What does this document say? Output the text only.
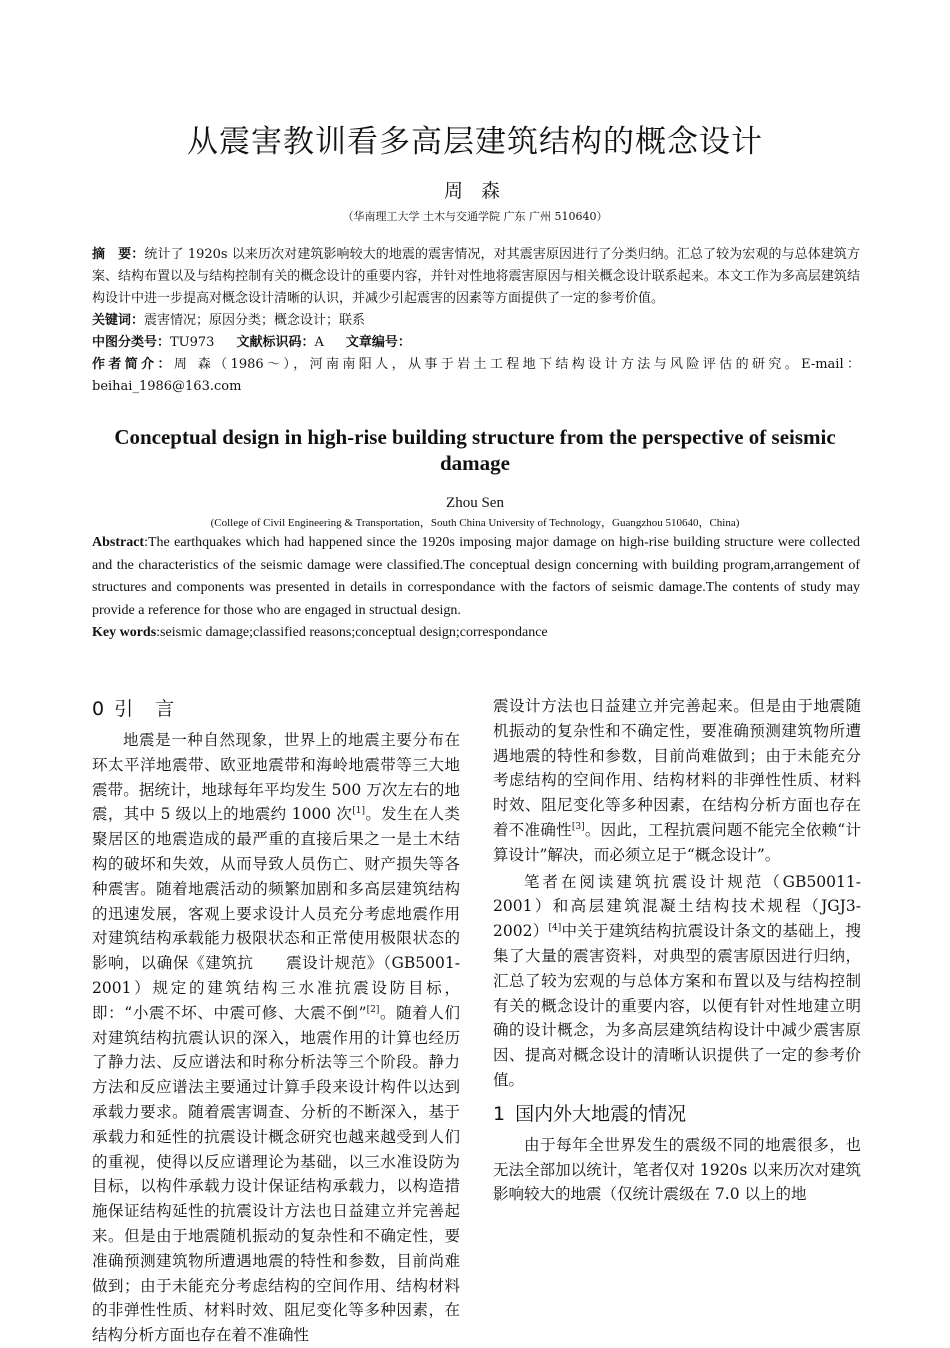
从震害教训看多高层建筑结构的概念设计
周 森
（华南理工大学 土木与交通学院 广东 广州 510640）
摘　要：统计了 1920s 以来历次对建筑影响较大的地震的震害情况，对其震害原因进行了分类归纳。汇总了较为宏观的与总体建筑方案、结构布置以及与结构控制有关的概念设计的重要内容，并针对性地将震害原因与相关概念设计联系起来。本文工作为多高层建筑结构设计中进一步提高对概念设计清晰的认识，并减少引起震害的因素等方面提供了一定的参考价值。
关键词：震害情况；原因分类；概念设计；联系
中图分类号：TU973 文献标识码：A 文章编号：
作者简介：周 森（1986～），河南南阳人，从事于岩土工程地下结构设计方法与风险评估的研究。E-mail：beihai_1986@163.com
Conceptual design in high-rise building structure from the perspective of seismic damage
Zhou Sen
(College of Civil Engineering & Transportation，South China University of Technology，Guangzhou 510640，China)
Abstract:The earthquakes which had happened since the 1920s imposing major damage on high-rise building structure were collected and the characteristics of the seismic damage were classified.The conceptual design concerning with building program,arrangement of structures and components was presented in details in correspondance with the factors of seismic damage.The contents of study may provide a reference for those who are engaged in structual design.
Key words:seismic damage;classified reasons;conceptual design;correspondance
0 引 言

地震是一种自然现象，世界上的地震主要分布在环太平洋地震带、欧亚地震带和海岭地震带等三大地震带。据统计，地球每年平均发生 500 万次左右的地震，其中 5 级以上的地震约 1000 次[1]。发生在人类聚居区的地震造成的最严重的直接后果之一是土木结构的破坏和失效，从而导致人员伤亡、财产损失等各种震害。随着地震活动的频繁加剧和多高层建筑结构的迅速发展，客观上要求设计人员充分考虑地震作用对建筑结构承载能力极限状态和正常使用极限状态的影响，以确保《建筑抗　　震设计规范》（GB5001-2001）规定的建筑结构三水准抗震设防目标，即：“小震不坏、中震可修、大震不倒”[2]。随着人们对建筑结构抗震认识的深入，地震作用的计算也经历了静力法、反应谱法和时称分析法等三个阶段。静力方法和反应谱法主要通过计算手段来设计构件以达到承载力要求。随着震害调查、分析的不断深入，基于承载力和延性的抗震设计概念研究也越来越受到人们的重视，使得以反应谱理论为基础，以三水准设防为目标，以构件承载力设计保证结构承载力，以构造措施保证结构延性的抗震设计方法也日益建立并完善起来。但是由于地震随机振动的复杂性和不确定性，要准确预测建筑物所遭遇地震的特性和参数，目前尚难做到；由于未能充分考虑结构的空间作用、结构材料的非弹性性质、材料时效、阻尼变化等多种因素，在结构分析方面也存在着不准确性

震设计方法也日益建立并完善起来。但是由于地震随机振动的复杂性和不确定性，要准确预测建筑物所遭遇地震的特性和参数，目前尚难做到；由于未能充分考虑结构的空间作用、结构材料的非弹性性质、材料时效、阻尼变化等多种因素，在结构分析方面也存在着不准确性[3]。因此，工程抗震问题不能完全依赖“计算设计”解决，而必须立足于“概念设计”。

笔者在阅读建筑抗震设计规范（GB50011-2001）和高层建筑混凝土结构技术规程（JGJ3-2002）[4]中关于建筑结构抗震设计条文的基础上，搜集了大量的震害资料，对典型的震害原因进行归纳，汇总了较为宏观的与总体方案和布置以及与结构控制有关的概念设计的重要内容，以便有针对性地建立明确的设计概念，为多高层建筑结构设计中减少震害原因、提高对概念设计的清晰认识提供了一定的参考价值。

1 国内外大地震的情况

由于每年全世界发生的震级不同的地震很多，也无法全部加以统计，笔者仅对 1920s 以来历次对建筑影响较大的地震（仅统计震级在 7.0 以上的地
